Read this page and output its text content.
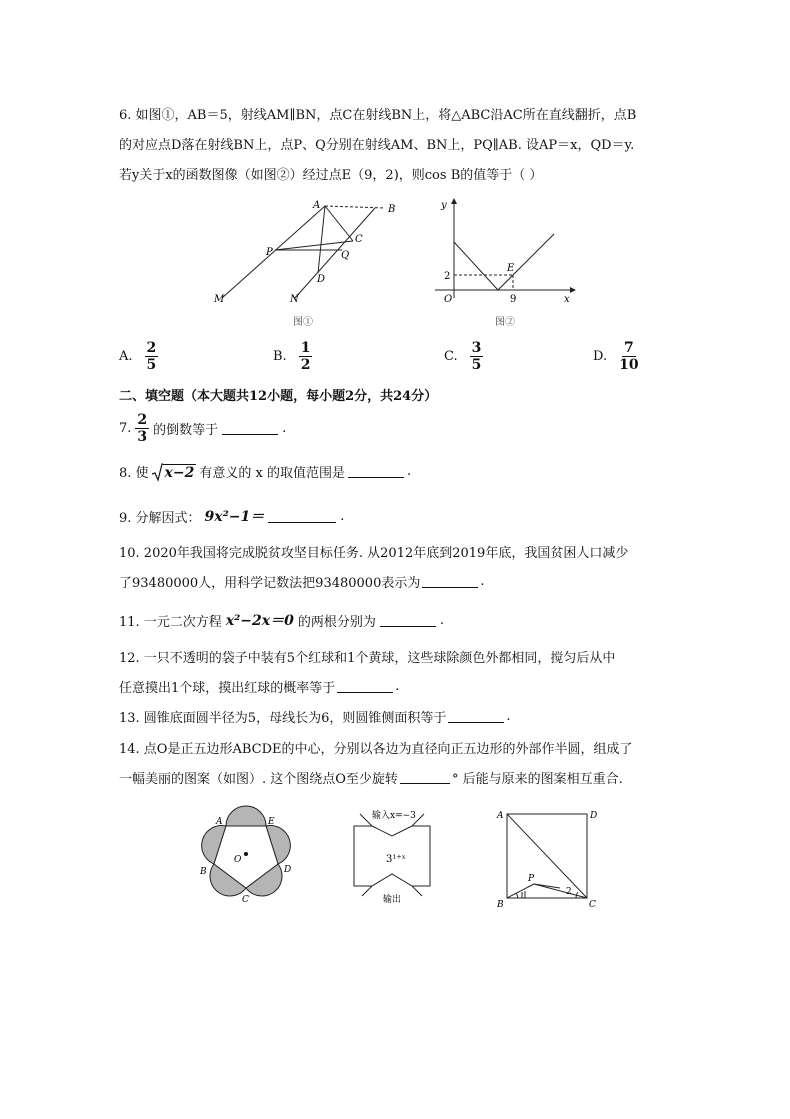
6. 如图①，AB＝5，射线AM∥BN，点C在射线BN上，将△ABC沿AC所在直线翻折，点B
的对应点D落在射线BN上，点P、Q分别在射线AM、BN上，PQ∥AB. 设AP＝x，QD＝y.
若y关于x的函数图像（如图②）经过点E（9，2)，则cos B的值等于（ ）
A	B
C
D
P	Q
M	N
图①
y
x
O
E
2
9
图②
A. $\frac{2}{5}$	B. $\frac{1}{2}$	C. $\frac{3}{5}$	D. $\frac{7}{10}$
二、填空题（本大题共12小题，每小题2分，共24分）
7. $\frac{2}{3}$ 的倒数等于	.
8. 使 x−2 有意义的 x 的取值范围是	.
9. 分解因式： 9x²−1＝	.
10. 2020年我国将完成脱贫攻坚目标任务. 从2012年底到2019年底，我国贫困人口减少
了93480000人，用科学记数法把93480000表示为	.
11. 一元二次方程 x²−2x＝0 的两根分别为	.
12. 一只不透明的袋子中装有5个红球和1个黄球，这些球除颜色外都相同，搅匀后从中
任意摸出1个球，摸出红球的概率等于	.
13. 圆锥底面圆半径为5，母线长为6，则圆锥侧面积等于	.
14. 点O是正五边形ABCDE的中心，分别以各边为直径向正五边形的外部作半圆，组成了
一幅美丽的图案（如图）. 这个图绕点O至少旋转	° 后能与原来的图案相互重合.
A	E
B	D
C
O
输入x=−3
3¹⁺ˣ
输出
A	D
B	C
P
2
